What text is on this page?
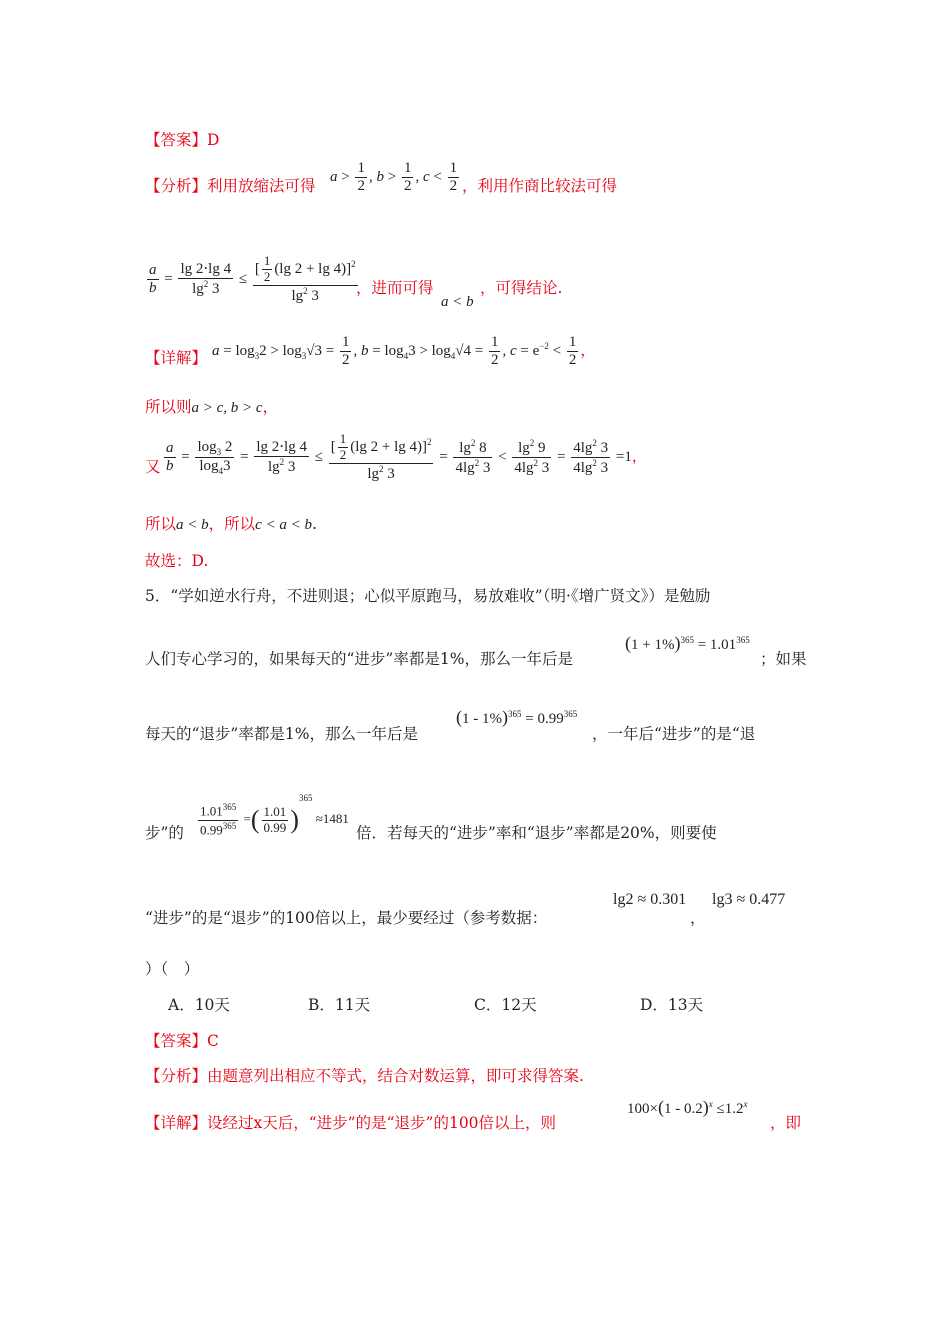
【答案】D
【分析】利用放缩法可得 $a > \frac{1}{2}$ , $b > \frac{1}{2}$ , $c < \frac{1}{2}$ ，利用作商比较法可得
$\frac{a}{b} = \frac{\lg 2\cdot\lg 4}{\lg^2 3} \le \frac{[ \frac{1}{2} (\lg 2 + \lg 4)]^2}{\lg^2 3}$
，进而可得
a < b
，可得结论.
【详解】 $a = \log_32 > \log_3√3 = \frac{1}{2}$ , $b = \log_43 > \log_4√4 = \frac{1}{2}$ , $c = e^{-2} < \frac{1}{2}$ ，
所以则a > c, b > c，
又 $\frac{a}{b} = \frac{\log_3 2}{\log_43} = \frac{\lg 2\cdot\lg 4}{\lg^2 3} \le \frac{[ \frac{1}{2} (\lg 2 + \lg 4)]^2}{\lg^2 3} = \frac{\lg^2 8}{4\lg^2 3} < \frac{\lg^2 9}{4\lg^2 3} = \frac{4\lg^2 3}{4\lg^2 3} =1$，
所以a < b，所以c < a < b.
故选：D.
5．“学如逆水行舟，不进则退；心似平原跑马，易放难收”（明·《增广贤文》）是勉励
人们专心学习的，如果每天的“进步”率都是1%，那么一年后是
$(1 + 1\%)^{365} = 1.01^{365}$
；如果
每天的“退步”率都是1%，那么一年后是
$(1 - 1\%)^{365} = 0.99^{365}$
，一年后“进步”的是“退
步”的 $\frac{1.01^{365}}{0.99^{365}}$ =( $\frac{1.01}{0.99} )^{365} \approx 1481$
倍．若每天的“进步”率和“退步”率都是20%，则要使
“进步”的是“退步”的100倍以上，最少要经过（参考数据：
lg2 ≈ 0.301
，
lg3 ≈ 0.477
）（　）
A．10天	B．11天	C．12天	D．13天
【答案】C
【分析】由题意列出相应不等式，结合对数运算，即可求得答案.
【详解】设经过x天后，“进步”的是“退步”的100倍以上，则
$100\times(1 - 0.2)^x \le 1.2^x$
，即
